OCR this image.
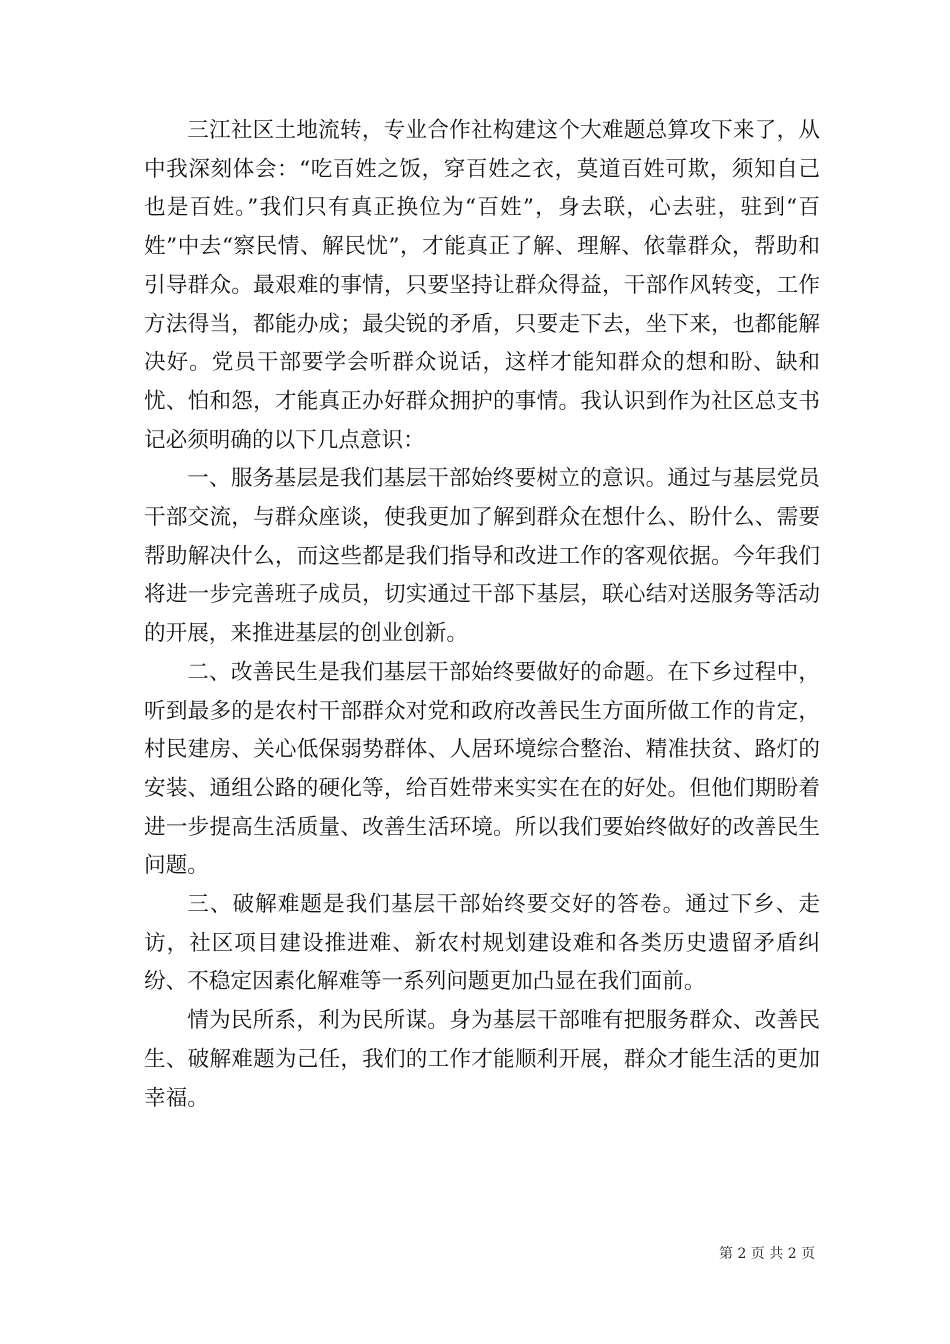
三江社区土地流转，专业合作社构建这个大难题总算攻下来了，从中我深刻体会：“吃百姓之饭，穿百姓之衣，莫道百姓可欺，须知自己也是百姓。”我们只有真正换位为“百姓”，身去联，心去驻，驻到“百姓”中去“察民情、解民忧”，才能真正了解、理解、依靠群众，帮助和引导群众。最艰难的事情，只要坚持让群众得益，干部作风转变，工作方法得当，都能办成；最尖锐的矛盾，只要走下去，坐下来，也都能解决好。党员干部要学会听群众说话，这样才能知群众的想和盼、缺和忧、怕和怨，才能真正办好群众拥护的事情。我认识到作为社区总支书记必须明确的以下几点意识：

一、服务基层是我们基层干部始终要树立的意识。通过与基层党员干部交流，与群众座谈，使我更加了解到群众在想什么、盼什么、需要帮助解决什么，而这些都是我们指导和改进工作的客观依据。今年我们将进一步完善班子成员，切实通过干部下基层，联心结对送服务等活动的开展，来推进基层的创业创新。

二、改善民生是我们基层干部始终要做好的命题。在下乡过程中，听到最多的是农村干部群众对党和政府改善民生方面所做工作的肯定，村民建房、关心低保弱势群体、人居环境综合整治、精准扶贫、路灯的安装、通组公路的硬化等，给百姓带来实实在在的好处。但他们期盼着进一步提高生活质量、改善生活环境。所以我们要始终做好的改善民生问题。

三、破解难题是我们基层干部始终要交好的答卷。通过下乡、走访，社区项目建设推进难、新农村规划建设难和各类历史遗留矛盾纠纷、不稳定因素化解难等一系列问题更加凸显在我们面前。

情为民所系，利为民所谋。身为基层干部唯有把服务群众、改善民生、破解难题为己任，我们的工作才能顺利开展，群众才能生活的更加幸福。

第 2 页 共 2 页
